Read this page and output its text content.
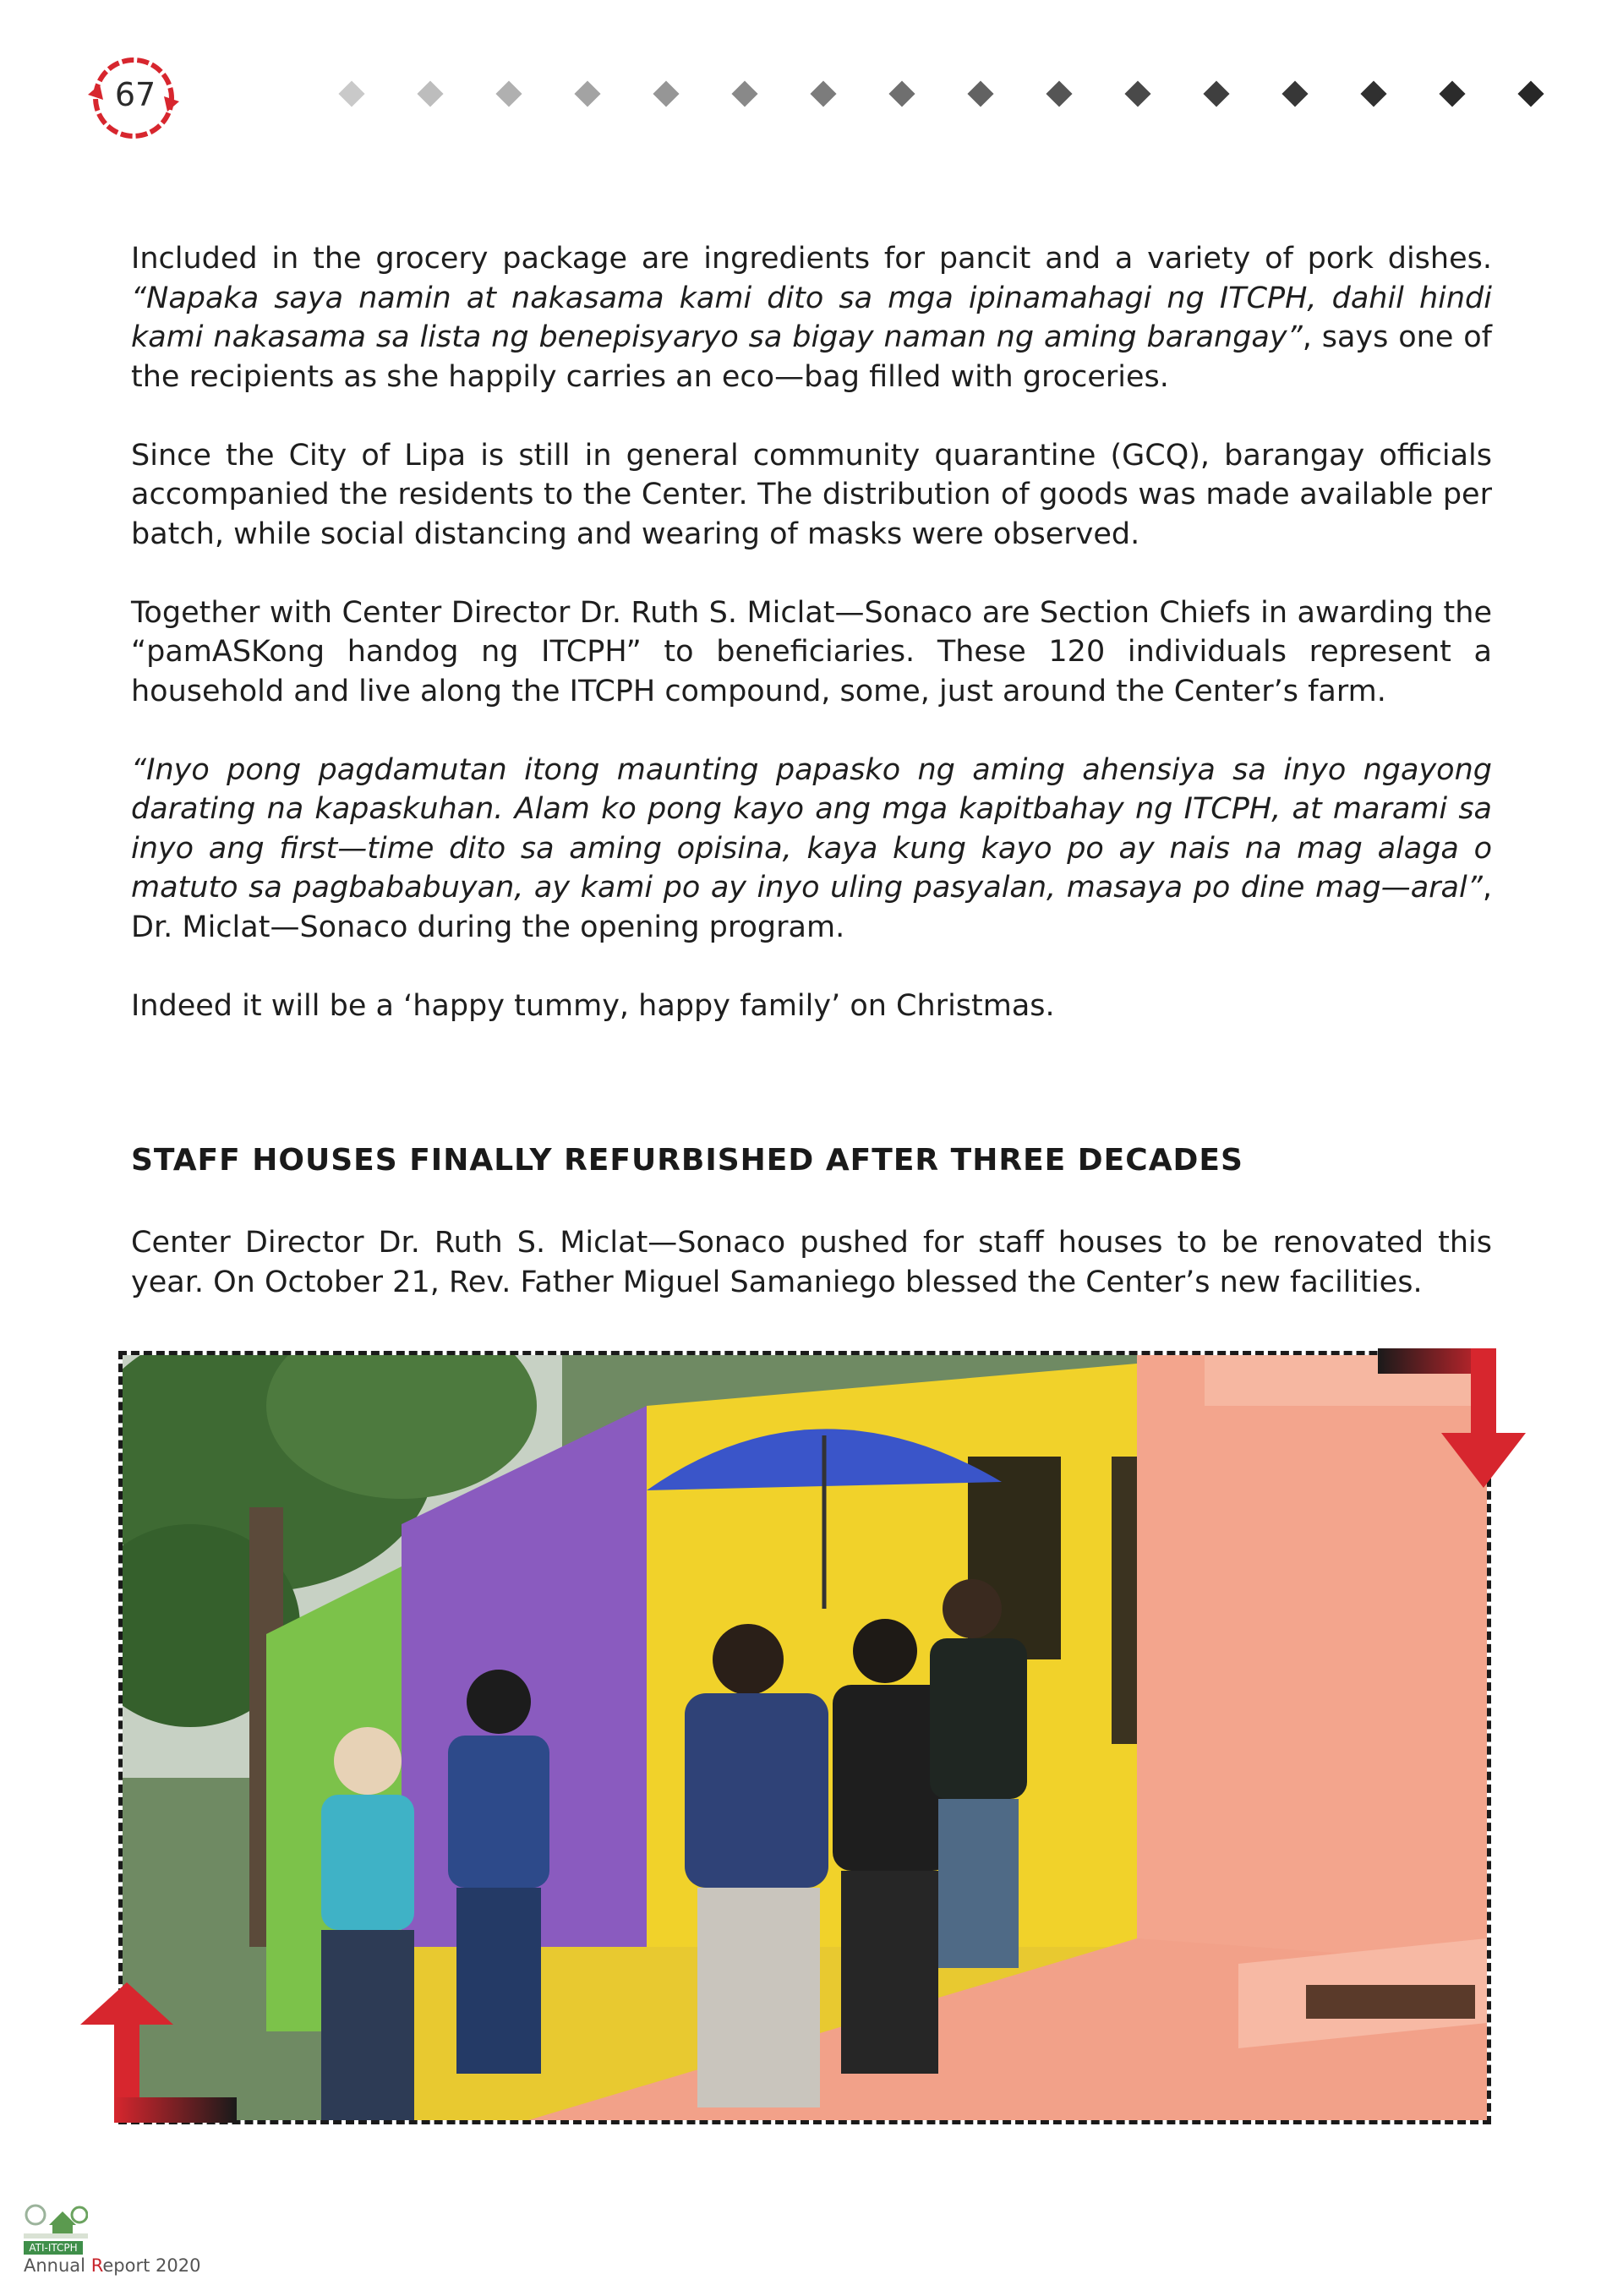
67

Included in the grocery package are ingredients for pancit and a variety of pork dishes. “Napaka saya namin at nakasama kami dito sa mga ipinamahagi ng ITCPH, dahil hindi kami nakasama sa lista ng benepisyaryo sa bigay naman ng aming barangay”, says one of the recipients as she happily carries an eco—bag filled with groceries.

Since the City of Lipa is still in general community quarantine (GCQ), barangay officials accompanied the residents to the Center. The distribution of goods was made available per batch, while social distancing and wearing of masks were observed.

Together with Center Director Dr. Ruth S. Miclat—Sonaco are Section Chiefs in awarding the “pamASKong handog ng ITCPH” to beneficiaries. These 120 individuals represent a household and live along the ITCPH compound, some, just around the Center’s farm.

“Inyo pong pagdamutan itong maunting papasko ng aming ahensiya sa inyo ngayong darating na kapaskuhan. Alam ko pong kayo ang mga kapitbahay ng ITCPH, at marami sa inyo ang first—time dito sa aming opisina, kaya kung kayo po ay nais na mag alaga o matuto sa pagbababuyan, ay kami po ay inyo uling pasyalan, masaya po dine mag—aral”, Dr. Miclat—Sonaco during the opening program.

Indeed it will be a ‘happy tummy, happy family’ on Christmas.

STAFF HOUSES FINALLY REFURBISHED AFTER THREE DECADES

Center Director Dr. Ruth S. Miclat—Sonaco pushed for staff houses to be renovated this year. On October 21, Rev. Father Miguel Samaniego blessed the Center’s new facilities.

ATI-ITCPH
Annual Report 2020
